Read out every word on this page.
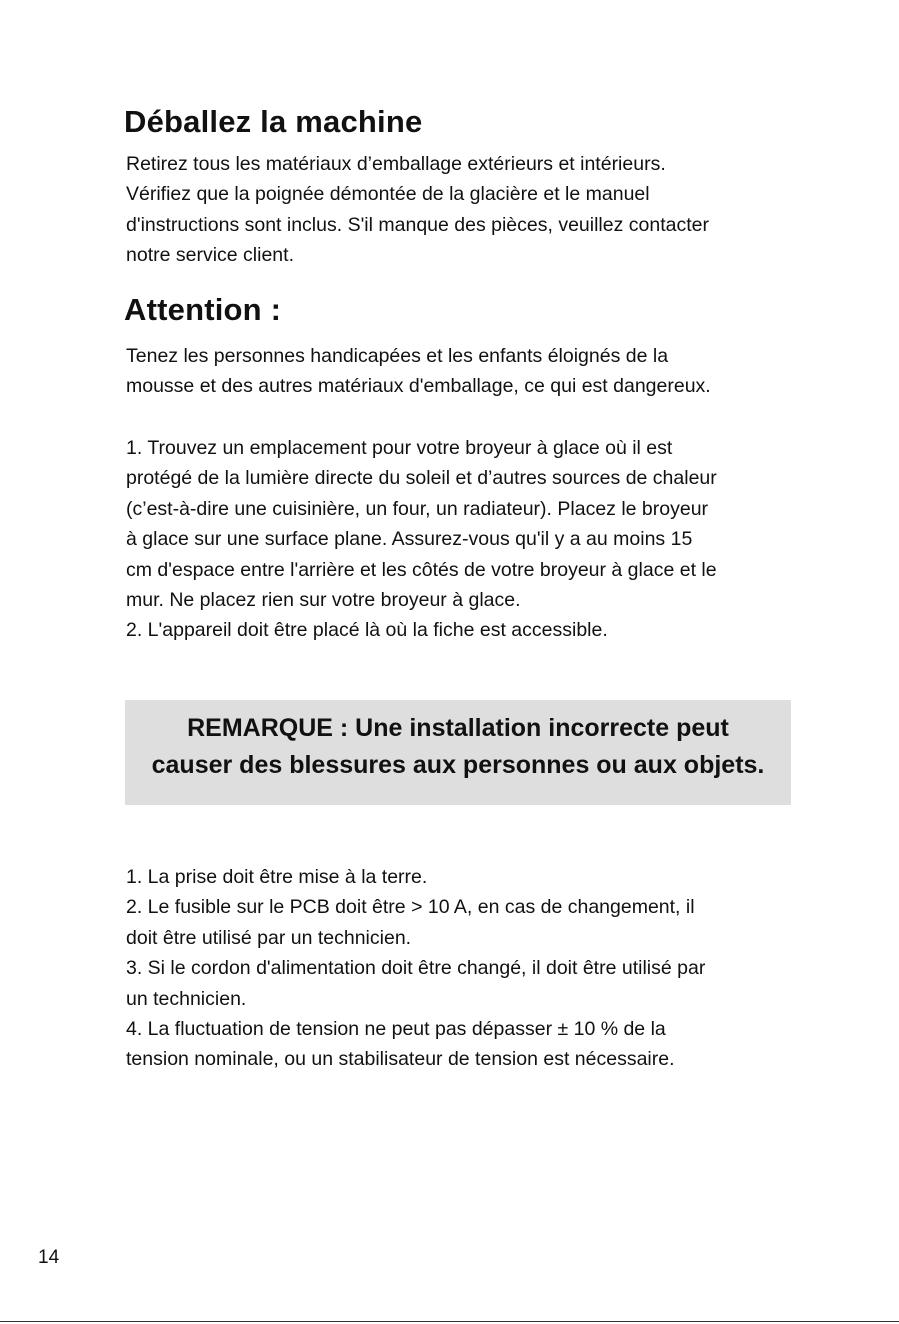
Déballez la machine

Retirez tous les matériaux d’emballage extérieurs et intérieurs.
Vérifiez que la poignée démontée de la glacière et le manuel
d'instructions sont inclus. S'il manque des pièces, veuillez contacter
notre service client.

Attention :

Tenez les personnes handicapées et les enfants éloignés de la
mousse et des autres matériaux d'emballage, ce qui est dangereux.

1. Trouvez un emplacement pour votre broyeur à glace où il est
protégé de la lumière directe du soleil et d’autres sources de chaleur
(c’est-à-dire une cuisinière, un four, un radiateur). Placez le broyeur
à glace sur une surface plane. Assurez-vous qu'il y a au moins 15
cm d'espace entre l'arrière et les côtés de votre broyeur à glace et le
mur. Ne placez rien sur votre broyeur à glace.
2. L'appareil doit être placé là où la fiche est accessible.

REMARQUE : Une installation incorrecte peut
causer des blessures aux personnes ou aux objets.

1. La prise doit être mise à la terre.
2. Le fusible sur le PCB doit être > 10 A, en cas de changement, il
doit être utilisé par un technicien.
3. Si le cordon d'alimentation doit être changé, il doit être utilisé par
un technicien.
4. La fluctuation de tension ne peut pas dépasser ± 10 % de la
tension nominale, ou un stabilisateur de tension est nécessaire.

14
